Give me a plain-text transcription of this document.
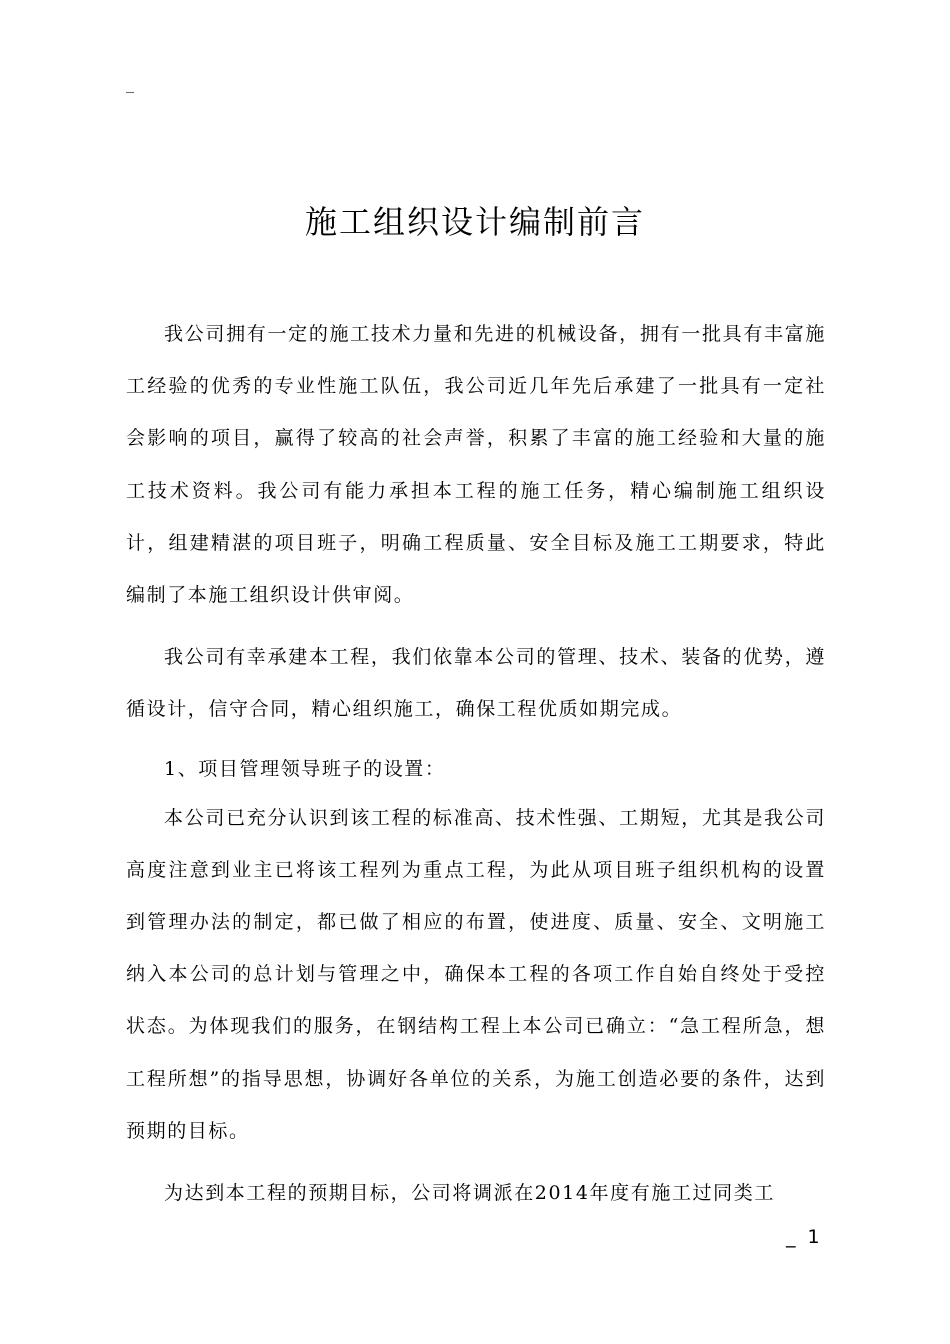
_
施工组织设计编制前言

我公司拥有一定的施工技术力量和先进的机械设备，拥有一批具有丰富施工经验的优秀的专业性施工队伍，我公司近几年先后承建了一批具有一定社会影响的项目，赢得了较高的社会声誉，积累了丰富的施工经验和大量的施工技术资料。我公司有能力承担本工程的施工任务，精心编制施工组织设计，组建精湛的项目班子，明确工程质量、安全目标及施工工期要求，特此编制了本施工组织设计供审阅。

我公司有幸承建本工程，我们依靠本公司的管理、技术、装备的优势，遵循设计，信守合同，精心组织施工，确保工程优质如期完成。

1、项目管理领导班子的设置：

本公司已充分认识到该工程的标准高、技术性强、工期短，尤其是我公司高度注意到业主已将该工程列为重点工程，为此从项目班子组织机构的设置到管理办法的制定，都已做了相应的布置，使进度、质量、安全、文明施工纳入本公司的总计划与管理之中，确保本工程的各项工作自始自终处于受控状态。为体现我们的服务，在钢结构工程上本公司已确立：“急工程所急，想工程所想”的指导思想，协调好各单位的关系，为施工创造必要的条件，达到预期的目标。

为达到本工程的预期目标，公司将调派在2014年度有施工过同类工

_ 1
